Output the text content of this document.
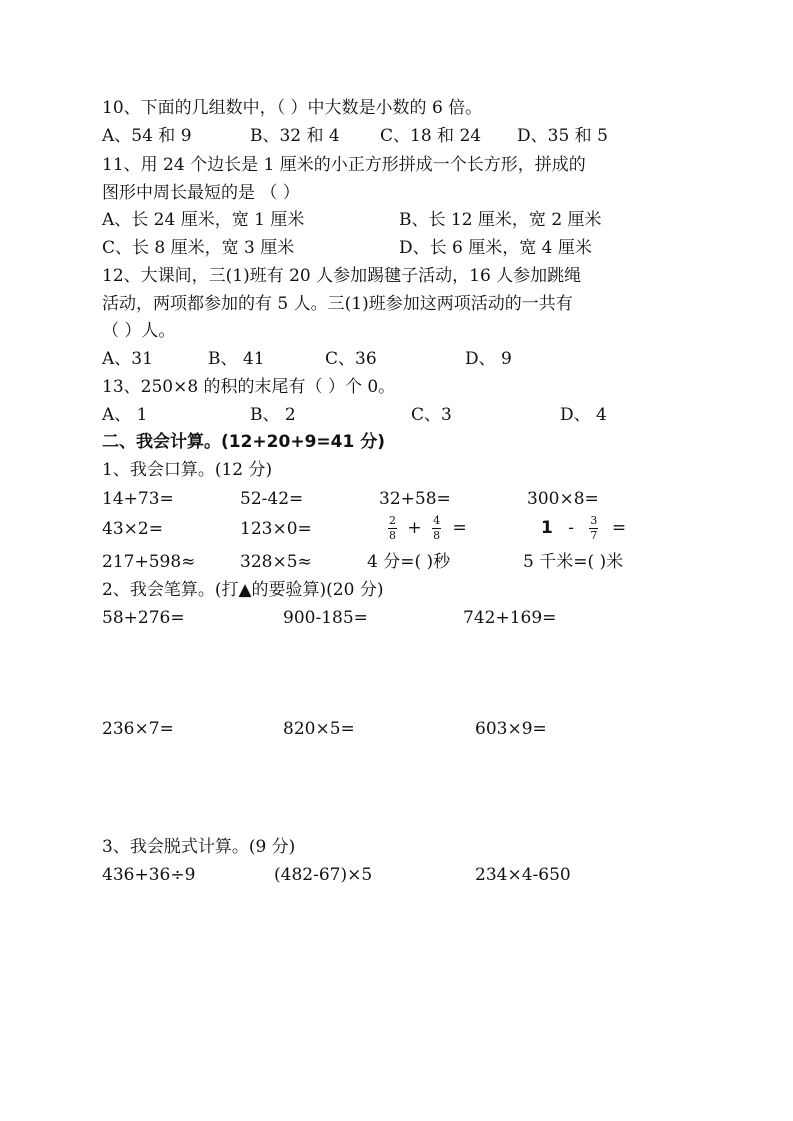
10、下面的几组数中，（ ）中大数是小数的 6 倍。
A、54 和 9	B、32 和 4 C、18 和 24 D、35 和 5
11、用 24 个边长是 1 厘米的小正方形拼成一个长方形，拼成的
图形中周长最短的是 （ ）
A、长 24 厘米，宽 1 厘米	B、长 12 厘米，宽 2 厘米
C、长 8 厘米，宽 3 厘米	D、长 6 厘米，宽 4 厘米
12、大课间，三(1)班有 20 人参加踢毽子活动，16 人参加跳绳
活动，两项都参加的有 5 人。三(1)班参加这两项活动的一共有
（ ）人。
A、31	B、 41	C、36	D、 9
13、250×8 的积的末尾有（ ）个 0。
A、 1	B、 2	C、3	D、 4
二、我会计算。(12+20+9=41 分)
1、我会口算。(12 分)
14+73=	52-42=	32+58=	300×8=
43×2=	123×0=	$\frac{2}{8} + \frac{4}{8}$ =	$1 - \frac{3}{7}$ =
217+598≈	328×5≈	4 分=( )秒	5 千米=( )米
2、我会笔算。(打▲的要验算)(20 分)
58+276=	900-185=	742+169=
236×7=	820×5=	603×9=
3、我会脱式计算。(9 分)
436+36÷9	(482-67)×5	234×4-650
